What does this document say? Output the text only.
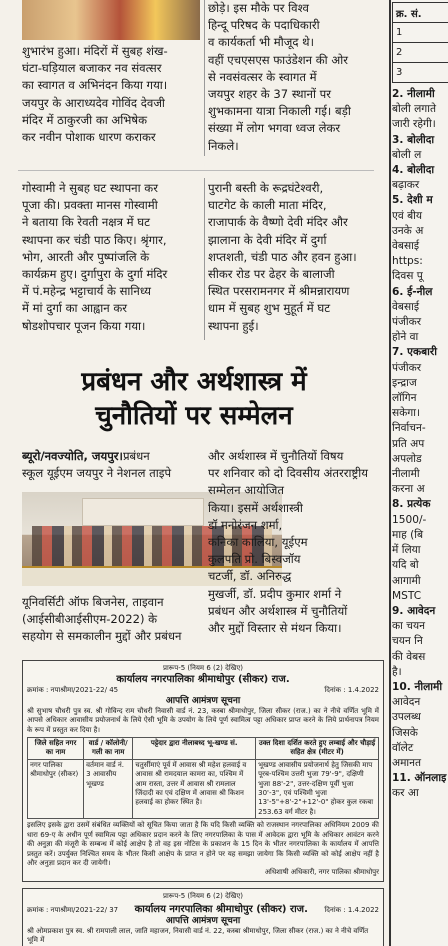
शुभारंभ हुआ। मंदिरों में सुबह शंख-
घंटा-घड़ियाल बजाकर नव संवत्सर
का स्वागत व अभिनंदन किया गया।
जयपुर के आराध्यदेव गोविंद देवजी
मंदिर में ठाकुरजी का अभिषेक
कर नवीन पोशाक धारण कराकर

छोड़े। इस मौके पर विश्व
हिन्दू परिषद के पदाधिकारी
व कार्यकर्ता भी मौजूद थे।
वहीं एचएसएस फाउंडेशन की ओर
से नवसंवत्सर के स्वागत में
जयपुर शहर के 37 स्थानों पर
शुभकामना यात्रा निकाली गई। बड़ी
संख्या में लोग भगवा ध्वज लेकर
निकले।

गोस्वामी ने सुबह घट स्थापना कर
पूजा की। प्रवक्ता मानस गोस्वामी
ने बताया कि रेवती नक्षत्र में घट
स्थापना कर चंडी पाठ किए। श्रृंगार,
भोग, आरती और पुष्पांजलि के
कार्यक्रम हुए। दुर्गापुरा के दुर्गा मंदिर
में पं.महेन्द्र भट्टाचार्य के सानिध्य
में मां दुर्गा का आह्वान कर
षोडशोपचार पूजन किया गया।

पुरानी बस्ती के रूद्रघंटेश्वरी,
घाटगेट के काली माता मंदिर,
राजापार्क के वैष्णो देवी मंदिर और
झालाना के देवी मंदिर में दुर्गा
शप्तशती, चंडी पाठ और हवन हुआ।
सीकर रोड पर ढेहर के बालाजी
स्थित परसरामनगर में श्रीमन्नारायण
धाम में सुबह शुभ मुहूर्त में घट
स्थापना हुई।

प्रबंधन और अर्थशास्त्र में
चुनौतियों पर सम्मेलन

ब्यूरो/नवज्योति, जयपुर।प्रबंधन
स्कूल यूईएम जयपुर ने नेशनल ताइपे

और अर्थशास्त्र में चुनौतियों विषय
पर शनिवार को दो दिवसीय अंतरराष्ट्रीय
सम्मेलन आयोजित
किया। इसमें अर्थशास्त्री
डॉ मनोरंजन शर्मा,
कनिका कालिया, यूईएम
कुलपति प्रो. बिस्वजॉय
चटर्जी, डॉ. अनिरुद्ध
मुखर्जी, डॉ. प्रदीप कुमार शर्मा ने
प्रबंधन और अर्थशास्त्र में चुनौतियों
और मुद्दों विस्तार से मंथन किया।

यूनिवर्सिटी ऑफ बिजनेस, ताइवान
(आईसीबीआईसीएम-2022) के
सहयोग से समकालीन मुद्दों और प्रबंधन

प्रारूप-5 (नियम 6 (2) देखिए)
कार्यालय नगरपालिका श्रीमाधोपुर (सीकर) राज.
क्रमांक : नपाश्रीमा/2021-22/ 45	दिनांक : 1.4.2022
आपत्ति आमंत्रण सूचना
श्री सुभाष चौधरी पुत्र स्व. श्री गोविन्द राम चौधरी निवासी वार्ड नं. 23, कस्बा श्रीमाधोपुर, जिला सीकर (राज.) का ने नीचे वर्णित भूमि में आपसे अधिकार आवासीय प्रयोजनार्थ के लिये ऐसी भूमि के उपयोग के लिये पूर्ण स्वामित्व पट्टा अधिकार प्राप्त करने के लिये प्रार्थनापत्र नियम के रूप में प्रस्तुत कर दिया है।
जिले सहित नगर का नाम	वार्ड / कॉलोनी/ गली का नाम	पट्टेदार द्वारा नीलाबध्द भू-खण्ड सं.	उक्त दिशा दर्शित करते हुए लम्बाई और चौड़ाई सहित क्षेत्र (मीटर में)
नगर पालिका श्रीमाधोपुर (सीकर)	वर्तमान वार्ड नं. 3 आवासीय भूखण्ड	चतुर्सीमाएं पूर्व में आवास श्री महेश हलवाई व आवास श्री रामदयाल कामरा का, पश्चिम में आम रास्ता, उत्तर में आवास श्री रामलाल जिंदादी का एवं दक्षिण में आवास श्री किशन हलवाई का होकर स्थित है।	भूखण्ड आवासीय प्रयोजनार्थ हेतु जिसकी माप पूरब-पश्चिम उत्तरी भुजा 79'-9", दक्षिणी भुजा 88'-2", उत्तर-दक्षिण पूर्वी भुजा 30'-3", एवं पश्चिमी भुजा 13'-5"+8'-2"+12'-0" होकर कुल रकबा 253.63 वर्ग मीटर है।
इसलिए इसके द्वारा उसमें संबंधित व्यक्तियों को सूचित किया जाता है कि यदि किसी व्यक्ति को राजस्थान नगरपालिका अधिनियम 2009 की धारा 69-ए के अधीन पूर्ण स्वामित्व पट्टा अधिकार प्रदान करने के लिए नगरपालिका के पास में आवेदक द्वारा भूमि के अधिकार आवंटन करने की अनुज्ञा की मंजूरी के सम्बन्ध में कोई आक्षेप है तो वह इस नोटिस के प्रकाशन के 15 दिन के भीतर नगरपालिका के कार्यालय में आपत्ति प्रस्तुत करें। उपर्युक्त निश्चित समय के भीतर किसी आक्षेप के प्राप्त न होने पर यह समझा जायेगा कि किसी व्यक्ति को कोई आक्षेप नहीं है और अनुज्ञा प्रदान कर दी जायेगी।
अधिशाषी अधिकारी, नगर पालिका श्रीमाधोपुर
प्रारूप-5 (नियम 6 (2) देखिए)
क्रमांक : नपाश्रीमा/2021-22/ 37 कार्यालय नगरपालिका श्रीमाधोपुर (सीकर) राज. दिनांक : 1.4.2022
आपत्ति आमंत्रण सूचना
श्री ओमप्रकाश पुत्र स्व. श्री रामपाली लाल, जाति महाजन, निवासी वार्ड नं. 22, कस्बा श्रीमाधोपुर, जिला सीकर (राज.) का ने नीचे वर्णित भूमि में
क्र. सं.
1
2
3

2. नीलामी
बोली लगाते
जारी रहेगी।
3. बोलीदा
बोली ल
4. बोलीदा
बढ़ाकर
5. देशी म
एवं बीय
उनके अ
वेबसाई
https:
दिवस पू
6. ई-नील
वेबसाई
पंजीकर
होने वा
7. एकबारी
पंजीकर
इन्द्राज
लॉगिन
सकेगा।
निर्वाचन-
प्रति अप
अपलोड
नीलामी
करना अ
8. प्रत्येक
1500/-
माह (बि
में लिया
यदि बो
आगामी
MSTC
9. आवेदन
का चयन
चयन नि
की वेबस
है।
10. नीलामी
आवेदन
उपलब्ध
जिसके
वॉलेट
अमानत
11. ऑनलाइ
कर आ
